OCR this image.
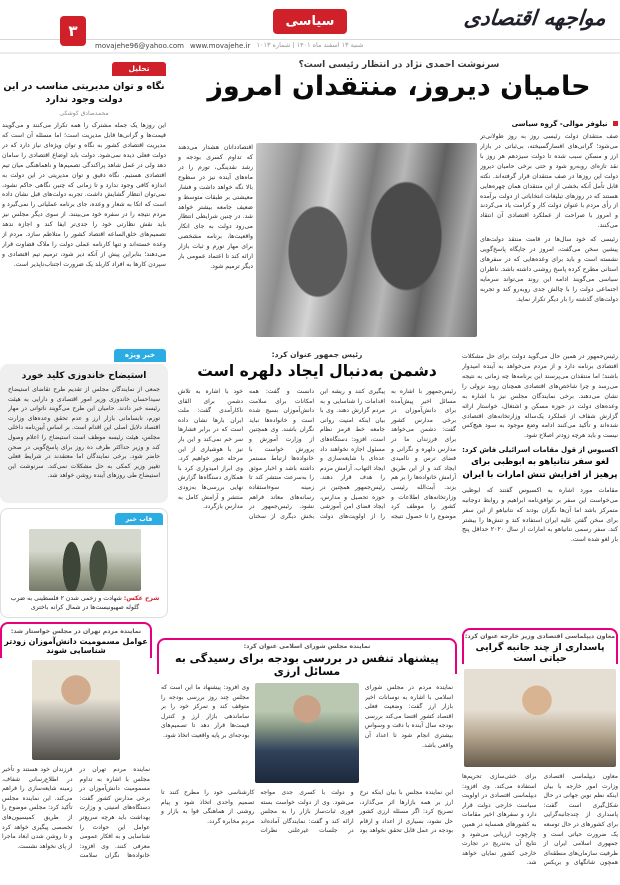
مواجهه اقتصادی
سیاسی
شنبه ۱۳ اسفند ماه ۱۴۰۱ | شماره ۱۰۱۳
۳
movajehe96@yahoo.com www.movajehe.ir
تحلیل
نگاه و توان مدیریتی مناسب در این دولت وجود ندارد
محمدصادق کوشکی
این روزها یک جمله مشترک را همه تکرار می‌کنند و می‌گویند قیمت‌ها و گرانی‌ها قابل مدیریت است؛ اما مسئله آن است که مدیریت اقتصادی کشور به نگاه و توان ویژه‌ای نیاز دارد که در دولت فعلی دیده نمی‌شود. دولت باید اوضاع اقتصادی را سامان دهد ولی در عمل شاهد پراکندگی تصمیم‌ها و ناهماهنگی میان تیم اقتصادی هستیم. نگاه دقیق و توان مدیریتی در این دولت به اندازه کافی وجود ندارد و تا زمانی که چنین نگاهی حاکم نشود، نمی‌توان انتظار گشایش داشت. تجربه دولت‌های قبل نشان داده است که اتکا به شعار و وعده، جای برنامه عملیاتی را نمی‌گیرد و مردم نتیجه را در سفره خود می‌بینند. از سوی دیگر مجلس نیز باید نقش نظارتی خود را جدی‌تر ایفا کند و اجازه ندهد تصمیم‌های خلق‌الساعه اقتصاد کشور را متلاطم سازد. مردم از وعده خسته‌اند و تنها کارنامه عملی دولت را ملاک قضاوت قرار می‌دهند؛ بنابراین پیش از آنکه دیر شود، ترمیم تیم اقتصادی و سپردن کارها به افراد کاربلد یک ضرورت اجتناب‌ناپذیر است.
خبر ویژه
استیضاح خاندوزی کلید خورد
جمعی از نمایندگان مجلس از تقدیم طرح تقاضای استیضاح سیداحسان خاندوزی وزیر امور اقتصادی و دارایی به هیئت رئیسه خبر دادند. حامیان این طرح می‌گویند ناتوانی در مهار تورم، نابسامانی بازار ارز و عدم تحقق وعده‌های وزارت اقتصاد دلایل اصلی این اقدام است. بر اساس آیین‌نامه داخلی مجلس، هیئت رئیسه موظف است استیضاح را اعلام وصول کند و وزیر حداکثر ظرف ده روز برای پاسخ‌گویی در صحن حاضر شود. برخی نمایندگان اما معتقدند در شرایط فعلی تغییر وزیر کمکی به حل مشکلات نمی‌کند. سرنوشت این استیضاح طی روزهای آینده روشن خواهد شد.
قاب خبر
شرح عکس: شهادت و زخمی شدن ۲ فلسطینی به ضرب گلوله صهیونیست‌ها در شمال کرانه باختری
نماینده مردم تهران در مجلس خواستار شد:
عوامل مسمومیت دانش‌آموزان زودتر شناسایی شوند
نماینده مردم تهران در مجلس با اشاره به تداوم مسمومیت دانش‌آموزان در برخی مدارس کشور گفت: دستگاه‌های امنیتی و وزارت بهداشت باید هرچه سریع‌تر عوامل این حوادث را شناسایی و به افکار عمومی معرفی کنند. وی افزود: خانواده‌ها نگران سلامت فرزندان خود هستند و تأخیر در اطلاع‌رسانی شفاف، زمینه شایعه‌سازی را فراهم می‌کند. این نماینده مجلس تأکید کرد: مجلس موضوع را از طریق کمیسیون‌های تخصصی پیگیری خواهد کرد و تا روشن شدن ابعاد ماجرا از پای نخواهد نشست.
سرنوشت احمدی نژاد در انتظار رئیسی است؟
حامیان دیروز، منتقدان امروز
اقتصاددانان هشدار می‌دهند که تداوم کسری بودجه و رشد نقدینگی، تورم را در ماه‌های آینده نیز در سطوح بالا نگه خواهد داشت و فشار معیشتی بر طبقات متوسط و ضعیف جامعه بیشتر خواهد شد. در چنین شرایطی انتظار می‌رود دولت به جای انکار واقعیت‌ها، برنامه مشخصی برای مهار تورم و ثبات بازار ارائه کند تا اعتماد عمومی بار دیگر ترمیم شود.
نیلوفر موالی- گروه سیاسی

صف منتقدان دولت رئیسی روز به روز طولانی‌تر می‌شود؛ گرانی‌های افسارگسیخته، بی‌ثباتی در بازار ارز و مسکن سبب شده تا دولت سیزدهم هر روز با نقد تازه‌ای روبه‌رو شود و حتی برخی حامیان دیروز دولت این روزها در صف منتقدان قرار گرفته‌اند. نکته قابل تأمل آنکه بخشی از این منتقدان همان چهره‌هایی هستند که در روزهای تبلیغات انتخاباتی از دولت برآمده از رأی مردم با عنوان دولت کار و کرامت یاد می‌کردند و امروز با صراحت از عملکرد اقتصادی آن انتقاد می‌کنند.

رئیسی که خود سال‌ها در قامت منتقد دولت‌های پیشین سخن می‌گفت، امروز در جایگاه پاسخ‌گویی نشسته است و باید برای وعده‌هایی که در سفرهای استانی مطرح کرده پاسخ روشنی داشته باشد. ناظران سیاسی می‌گویند ادامه این روند می‌تواند سرمایه اجتماعی دولت را با چالش جدی روبه‌رو کند و تجربه دولت‌های گذشته را بار دیگر تکرار نماید.

رئیس‌جمهور در همین حال می‌گوید دولت برای حل مشکلات اقتصادی برنامه دارد و از مردم می‌خواهد به آینده امیدوار باشند؛ اما منتقدان می‌پرسند این برنامه‌ها چه زمانی به نتیجه می‌رسد و چرا شاخص‌های اقتصادی همچنان روند نزولی را نشان می‌دهند. برخی نمایندگان مجلس نیز با اشاره به وعده‌های دولت در حوزه مسکن و اشتغال، خواستار ارائه گزارش شفاف از عملکرد یک‌ساله وزارتخانه‌های اقتصادی شده‌اند و تأکید می‌کنند ادامه وضع موجود به سود هیچ‌کس نیست و باید هرچه زودتر اصلاح شود.

اکسیوس از قول مقامات اسرائیلی فاش کرد:
لغو سفر نتانیاهو به ابوظبی برای پرهیز از افزایش تنش امارات با ایران

مقامات مورد اشاره به اکسیوس گفتند که ابوظبی می‌خواست این سفر بر توافق‌نامه ابراهیم و روابط دوجانبه متمرکز باشد اما آن‌ها نگران بودند که نتانیاهو از این سفر برای سخن گفتن علیه ایران استفاده کند و تنش‌ها را بیشتر کند. سفر رسمی نتانیاهو به امارات از سال ۲۰۲۰ حداقل پنج بار لغو شده است.

رئیس جمهور عنوان کرد:
دشمن به‌دنبال ایجاد دلهره است
رئیس‌جمهور با اشاره به مسائل اخیر پیش‌آمده برای دانش‌آموزان در برخی مدارس کشور گفت: دشمن می‌خواهد برای فرزندان ما در مدارس دلهره و نگرانی و فضای ترس و ناامیدی ایجاد کند و از این طریق آرامش خانواده‌ها را بر هم بزند. آیت‌الله رئیسی وزارتخانه‌های اطلاعات و کشور را موظف کرد موضوع را تا حصول نتیجه پیگیری کنند و ریشه این اقدامات را شناسایی و به مردم گزارش دهند. وی با بیان اینکه امنیت روانی جامعه خط قرمز نظام است، افزود: دستگاه‌های مسئول اجازه نخواهند داد عده‌ای با شایعه‌سازی و ایجاد التهاب، آرامش مردم را هدف قرار دهند. رئیس‌جمهور همچنین در حوزه تحصیل و مدارس، ایجاد فضای امن آموزشی را از اولویت‌های دولت دانست و گفت: همه امکانات برای سلامت دانش‌آموزان بسیج شده است و خانواده‌ها نباید نگران باشند. وی همچنین از وزارت آموزش و پرورش خواست با خانواده‌ها ارتباط مستمر داشته باشد و اخبار موثق را به‌سرعت منتشر کند تا زمینه سوءاستفاده رسانه‌های معاند فراهم نشود. رئیس‌جمهور در بخش دیگری از سخنان خود با اشاره به تلاش دشمن برای القای ناکارآمدی گفت: ملت ایران بارها نشان داده است که در برابر فشارها سر خم نمی‌کند و این بار نیز با هوشیاری از این مرحله عبور خواهیم کرد. وی ابراز امیدواری کرد با همکاری دستگاه‌ها گزارش نهایی بررسی‌ها به‌زودی منتشر و آرامش کامل به مدارس بازگردد.
نماینده مجلس شورای اسلامی عنوان کرد:
پیشنهاد تنفس در بررسی بودجه برای رسیدگی به مسائل ارزی
نماینده مردم در مجلس شورای اسلامی با اشاره به نوسانات اخیر بازار ارز گفت: وضعیت فعلی اقتصاد کشور اقتضا می‌کند بررسی بودجه سال آینده با دقت و وسواس بیشتری انجام شود تا اعداد آن واقعی باشد.
وی افزود: پیشنهاد ما این است که مجلس چند روز بررسی بودجه را متوقف کند و تمرکز خود را بر ساماندهی بازار ارز و کنترل قیمت‌ها قرار دهد تا تصمیم‌های بودجه‌ای بر پایه واقعیت اتخاذ شود.
این نماینده مجلس با بیان اینکه نرخ ارز بر همه بازارها اثر می‌گذارد، تصریح کرد: اگر مسئله ارزی کشور حل نشود، بسیاری از اعداد و ارقام بودجه در عمل قابل تحقق نخواهد بود و دولت با کسری جدی مواجه می‌شود. وی از دولت خواست بسته فوری ثبات‌ساز بازار را به مجلس ارائه کند و گفت: نمایندگان آماده‌اند در جلسات غیرعلنی نظرات کارشناسی خود را مطرح کنند تا تصمیم واحدی اتخاذ شود و پیام روشنی از هماهنگی قوا به بازار و مردم مخابره گردد.
معاون دیپلماسی اقتصادی وزیر خارجه عنوان کرد:
پاسداری از چند جانبه گرایی حیاتی است
معاون دیپلماسی اقتصادی وزارت امور خارجه با بیان اینکه نظم نوین جهانی در حال شکل‌گیری است گفت: پاسداری از چندجانبه‌گرایی برای کشورهای در حال توسعه یک ضرورت حیاتی است و جمهوری اسلامی ایران از ظرفیت سازمان‌های منطقه‌ای همچون شانگهای و بریکس برای خنثی‌سازی تحریم‌ها استفاده می‌کند. وی افزود: دیپلماسی اقتصادی در اولویت سیاست خارجی دولت قرار دارد و سفرهای اخیر مقامات به کشورهای همسایه در همین چارچوب ارزیابی می‌شود و نتایج آن به‌تدریج در تجارت خارجی کشور نمایان خواهد شد.
